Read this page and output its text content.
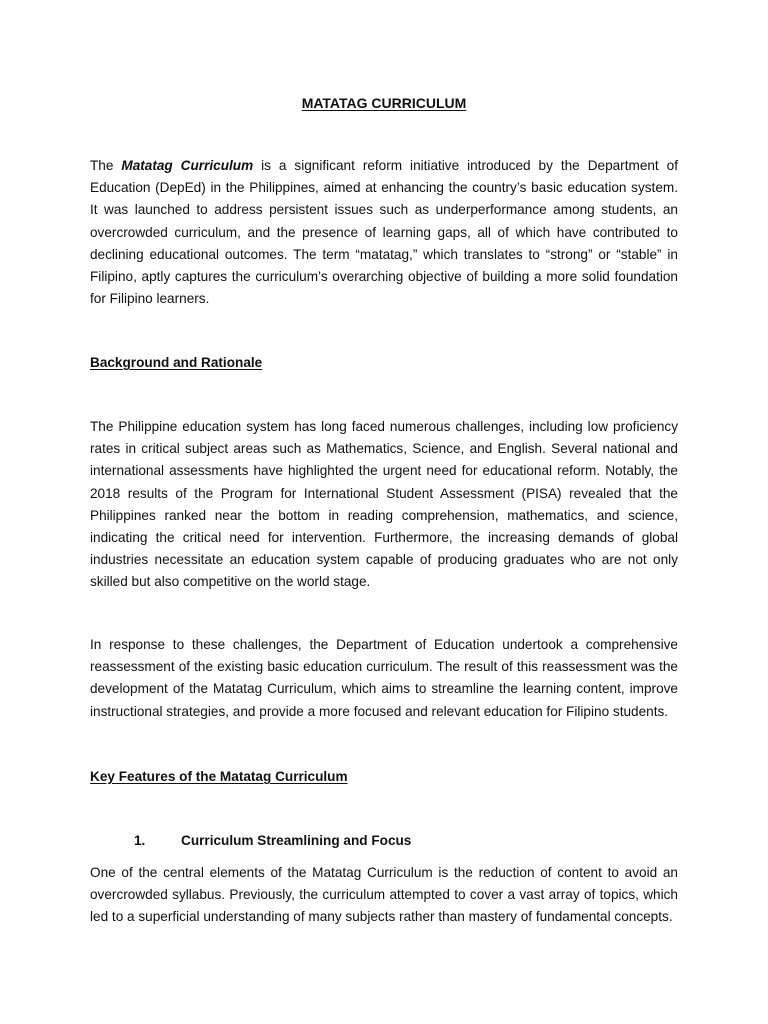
MATATAG CURRICULUM

The Matatag Curriculum is a significant reform initiative introduced by the Department of Education (DepEd) in the Philippines, aimed at enhancing the country’s basic education system. It was launched to address persistent issues such as underperformance among students, an overcrowded curriculum, and the presence of learning gaps, all of which have contributed to declining educational outcomes. The term “matatag,” which translates to “strong” or “stable” in Filipino, aptly captures the curriculum’s overarching objective of building a more solid foundation for Filipino learners.

Background and Rationale

The Philippine education system has long faced numerous challenges, including low proficiency rates in critical subject areas such as Mathematics, Science, and English. Several national and international assessments have highlighted the urgent need for educational reform. Notably, the 2018 results of the Program for International Student Assessment (PISA) revealed that the Philippines ranked near the bottom in reading comprehension, mathematics, and science, indicating the critical need for intervention. Furthermore, the increasing demands of global industries necessitate an education system capable of producing graduates who are not only skilled but also competitive on the world stage.

In response to these challenges, the Department of Education undertook a comprehensive reassessment of the existing basic education curriculum. The result of this reassessment was the development of the Matatag Curriculum, which aims to streamline the learning content, improve instructional strategies, and provide a more focused and relevant education for Filipino students.

Key Features of the Matatag Curriculum
1.	Curriculum Streamlining and Focus

One of the central elements of the Matatag Curriculum is the reduction of content to avoid an overcrowded syllabus. Previously, the curriculum attempted to cover a vast array of topics, which led to a superficial understanding of many subjects rather than mastery of fundamental concepts.
